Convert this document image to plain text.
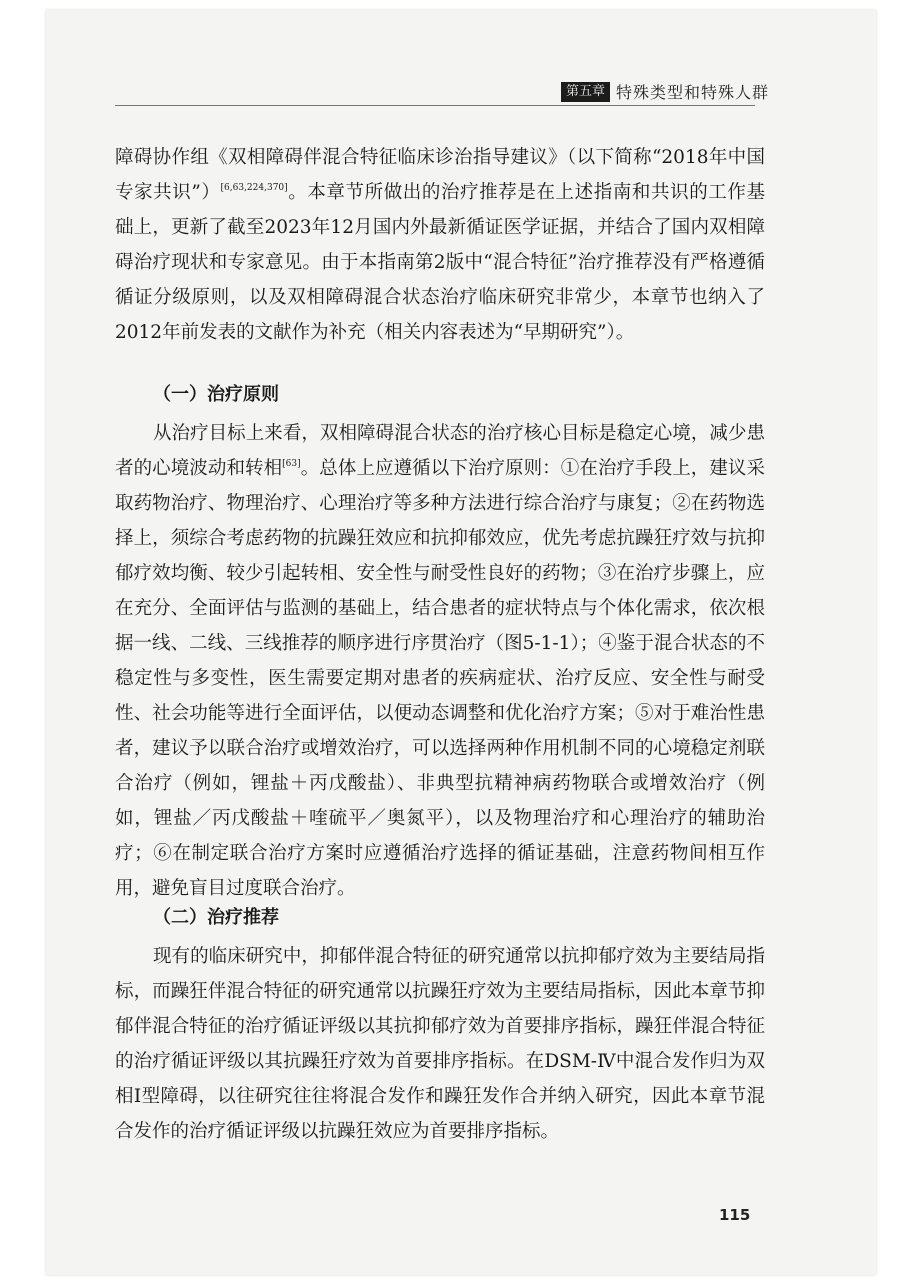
第五章 特殊类型和特殊人群

障碍协作组《双相障碍伴混合特征临床诊治指导建议》（以下简称“2018年中国专家共识”）[6,63,224,370]。本章节所做出的治疗推荐是在上述指南和共识的工作基础上，更新了截至2023年12月国内外最新循证医学证据，并结合了国内双相障碍治疗现状和专家意见。由于本指南第2版中“混合特征”治疗推荐没有严格遵循循证分级原则，以及双相障碍混合状态治疗临床研究非常少，本章节也纳入了2012年前发表的文献作为补充（相关内容表述为“早期研究”）。

（一）治疗原则

从治疗目标上来看，双相障碍混合状态的治疗核心目标是稳定心境，减少患者的心境波动和转相[63]。总体上应遵循以下治疗原则：①在治疗手段上，建议采取药物治疗、物理治疗、心理治疗等多种方法进行综合治疗与康复；②在药物选择上，须综合考虑药物的抗躁狂效应和抗抑郁效应，优先考虑抗躁狂疗效与抗抑郁疗效均衡、较少引起转相、安全性与耐受性良好的药物；③在治疗步骤上，应在充分、全面评估与监测的基础上，结合患者的症状特点与个体化需求，依次根据一线、二线、三线推荐的顺序进行序贯治疗（图5-1-1）；④鉴于混合状态的不稳定性与多变性，医生需要定期对患者的疾病症状、治疗反应、安全性与耐受性、社会功能等进行全面评估，以便动态调整和优化治疗方案；⑤对于难治性患者，建议予以联合治疗或增效治疗，可以选择两种作用机制不同的心境稳定剂联合治疗（例如，锂盐＋丙戊酸盐）、非典型抗精神病药物联合或增效治疗（例如，锂盐／丙戊酸盐＋喹硫平／奥氮平），以及物理治疗和心理治疗的辅助治疗；⑥在制定联合治疗方案时应遵循治疗选择的循证基础，注意药物间相互作用，避免盲目过度联合治疗。

（二）治疗推荐

现有的临床研究中，抑郁伴混合特征的研究通常以抗抑郁疗效为主要结局指标，而躁狂伴混合特征的研究通常以抗躁狂疗效为主要结局指标，因此本章节抑郁伴混合特征的治疗循证评级以其抗抑郁疗效为首要排序指标，躁狂伴混合特征的治疗循证评级以其抗躁狂疗效为首要排序指标。在DSM-Ⅳ中混合发作归为双相Ⅰ型障碍，以往研究往往将混合发作和躁狂发作合并纳入研究，因此本章节混合发作的治疗循证评级以抗躁狂效应为首要排序指标。

115
